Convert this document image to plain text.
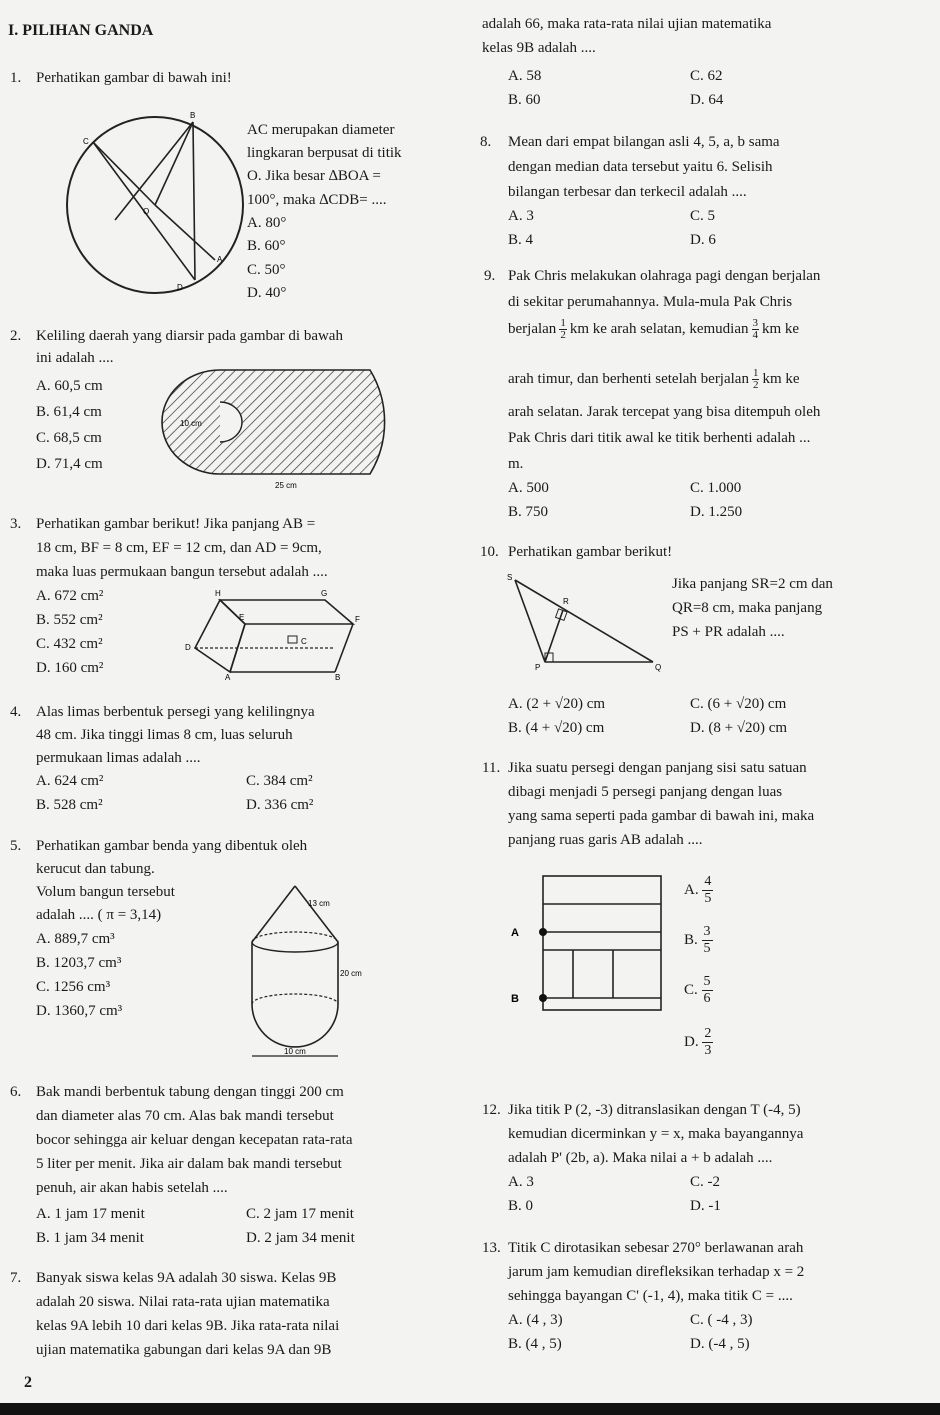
I. PILIHAN GANDA
1. Perhatikan gambar di bawah ini!
B
C
O
A
D
AC merupakan diameter
lingkaran berpusat di titik
O. Jika besar ∆BOA =
100°, maka ∆CDB= ....
A. 80°
B. 60°
C. 50°
D. 40°
2. Keliling daerah yang diarsir pada gambar di bawah
ini adalah ....
A. 60,5 cm
B. 61,4 cm
C. 68,5 cm
D. 71,4 cm
10 cm
25 cm
3. Perhatikan gambar berikut! Jika panjang AB =
18 cm, BF = 8 cm, EF = 12 cm, dan AD = 9cm,
maka luas permukaan bangun tersebut adalah ....
A. 672 cm²
B. 552 cm²
C. 432 cm²
D. 160 cm²
H	G
E	F
D
C
A	B
4. Alas limas berbentuk persegi yang kelilingnya
48 cm. Jika tinggi limas 8 cm, luas seluruh
permukaan limas adalah ....
A. 624 cm²	C. 384 cm²
B. 528 cm²	D. 336 cm²
5. Perhatikan gambar benda yang dibentuk oleh
kerucut dan tabung.
Volum bangun tersebut
adalah .... ( π = 3,14)
A. 889,7 cm³
B. 1203,7 cm³
C. 1256 cm³
D. 1360,7 cm³
13 cm
20 cm
10 cm
6. Bak mandi berbentuk tabung dengan tinggi 200 cm
dan diameter alas 70 cm. Alas bak mandi tersebut
bocor sehingga air keluar dengan kecepatan rata-rata
5 liter per menit. Jika air dalam bak mandi tersebut
penuh, air akan habis setelah ....
A. 1 jam 17 menit	C. 2 jam 17 menit
B. 1 jam 34 menit	D. 2 jam 34 menit
7. Banyak siswa kelas 9A adalah 30 siswa. Kelas 9B
adalah 20 siswa. Nilai rata-rata ujian matematika
kelas 9A lebih 10 dari kelas 9B. Jika rata-rata nilai
ujian matematika gabungan dari kelas 9A dan 9B
2
adalah 66, maka rata-rata nilai ujian matematika
kelas 9B adalah ....
A. 58	C. 62
B. 60	D. 64
8. Mean dari empat bilangan asli 4, 5, a, b sama
dengan median data tersebut yaitu 6. Selisih
bilangan terbesar dan terkecil adalah ....
A. 3	C. 5
B. 4	D. 6
9. Pak Chris melakukan olahraga pagi dengan berjalan
di sekitar perumahannya. Mula-mula Pak Chris
berjalan $\frac{1}{2}$ km ke arah selatan, kemudian $\frac{3}{4}$ km ke
arah timur, dan berhenti setelah berjalan $\frac{1}{2}$ km ke
arah selatan. Jarak tercepat yang bisa ditempuh oleh
Pak Chris dari titik awal ke titik berhenti adalah ...
m.
A. 500	C. 1.000
B. 750	D. 1.250
10. Perhatikan gambar berikut!
S
R
P	Q
Jika panjang SR=2 cm dan
QR=8 cm, maka panjang
PS + PR adalah ....
A. (2 + √20) cm	C. (6 + √20) cm
B. (4 + √20) cm	D. (8 + √20) cm
11. Jika suatu persegi dengan panjang sisi satu satuan
dibagi menjadi 5 persegi panjang dengan luas
yang sama seperti pada gambar di bawah ini, maka
panjang ruas garis AB adalah ....
A
B
A. $\frac{4}{5}$
B. $\frac{3}{5}$
C. $\frac{5}{6}$
D. $\frac{2}{3}$
12. Jika titik P (2, -3) ditranslasikan dengan T (-4, 5)
kemudian dicerminkan y = x, maka bayangannya
adalah P' (2b, a). Maka nilai a + b adalah ....
A. 3	C. -2
B. 0	D. -1
13. Titik C dirotasikan sebesar 270° berlawanan arah
jarum jam kemudian direfleksikan terhadap x = 2
sehingga bayangan C' (-1, 4), maka titik C = ....
A. (4 , 3)	C. ( -4 , 3)
B. (4 , 5)	D. (-4 , 5)
